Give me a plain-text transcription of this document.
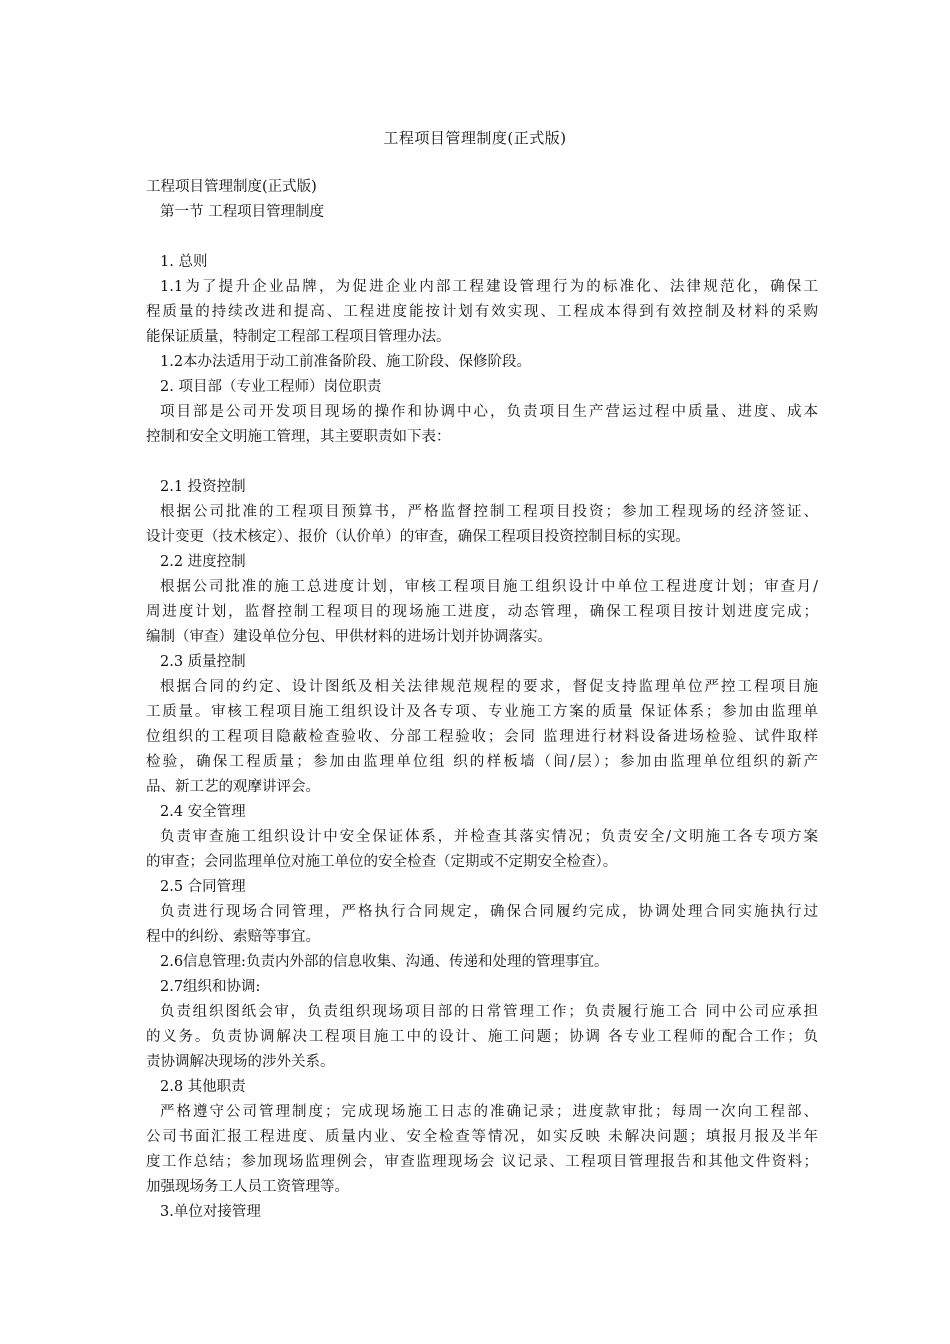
工程项目管理制度(正式版)
工程项目管理制度(正式版)
第一节 工程项目管理制度
1. 总则
1.1为了提升企业品牌，为促进企业内部工程建设管理行为的标准化、法律规范化，确保工
程质量的持续改进和提高、工程进度能按计划有效实现、工程成本得到有效控制及材料的采购
能保证质量，特制定工程部工程项目管理办法。
1.2本办法适用于动工前准备阶段、施工阶段、保修阶段。
2. 项目部（专业工程师）岗位职责
项目部是公司开发项目现场的操作和协调中心，负责项目生产营运过程中质量、进度、成本
控制和安全文明施工管理，其主要职责如下表：
2.1 投资控制
根据公司批准的工程项目预算书，严格监督控制工程项目投资；参加工程现场的经济签证、
设计变更（技术核定）、报价（认价单）的审查，确保工程项目投资控制目标的实现。
2.2 进度控制
根据公司批准的施工总进度计划，审核工程项目施工组织设计中单位工程进度计划；审查月/
周进度计划，监督控制工程项目的现场施工进度，动态管理，确保工程项目按计划进度完成；
编制（审查）建设单位分包、甲供材料的进场计划并协调落实。
2.3 质量控制
根据合同的约定、设计图纸及相关法律规范规程的要求，督促支持监理单位严控工程项目施
工质量。审核工程项目施工组织设计及各专项、专业施工方案的质量 保证体系；参加由监理单
位组织的工程项目隐蔽检查验收、分部工程验收；会同 监理进行材料设备进场检验、试件取样
检验，确保工程质量；参加由监理单位组 织的样板墙（间/层）；参加由监理单位组织的新产
品、新工艺的观摩讲评会。
2.4 安全管理
负责审查施工组织设计中安全保证体系，并检查其落实情况；负责安全/文明施工各专项方案
的审查；会同监理单位对施工单位的安全检查（定期或不定期安全检查）。
2.5 合同管理
负责进行现场合同管理，严格执行合同规定，确保合同履约完成，协调处理合同实施执行过
程中的纠纷、索赔等事宜。
2.6信息管理:负责内外部的信息收集、沟通、传递和处理的管理事宜。
2.7组织和协调:
负责组织图纸会审，负责组织现场项目部的日常管理工作；负责履行施工合 同中公司应承担
的义务。负责协调解决工程项目施工中的设计、施工问题；协调 各专业工程师的配合工作；负
责协调解决现场的涉外关系。
2.8 其他职责
严格遵守公司管理制度；完成现场施工日志的准确记录；进度款审批；每周一次向工程部、
公司书面汇报工程进度、质量内业、安全检查等情况，如实反映 未解决问题；填报月报及半年
度工作总结；参加现场监理例会，审查监理现场会 议记录、工程项目管理报告和其他文件资料；
加强现场务工人员工资管理等。
3.单位对接管理
